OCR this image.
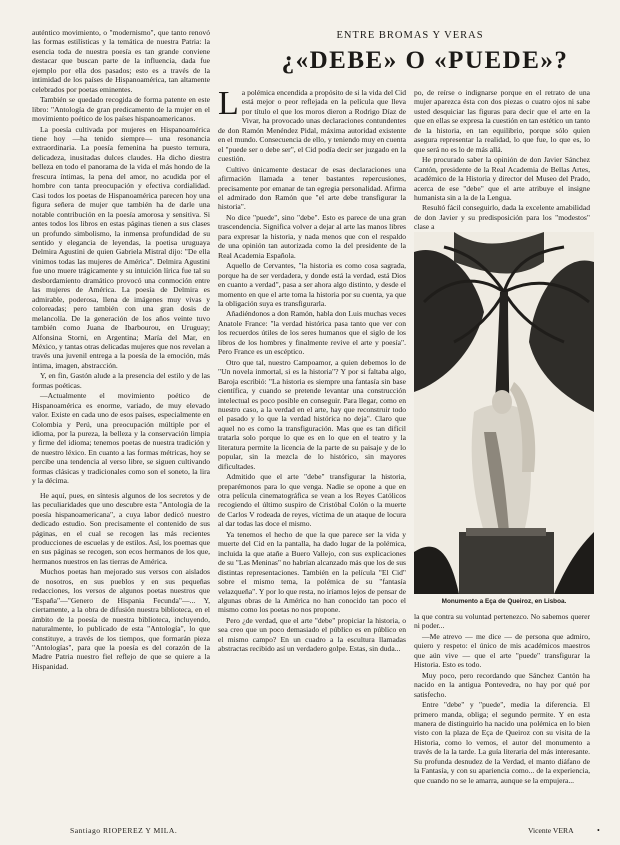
auténtico movimiento, o "modernismo", que tanto renovó las formas estilísticas y la temática de nuestra Patria: la esencia toda de nuestra poesía es tan grande conviene destacar que buscan parte de la influencia, dada fue ejemplo por ella dos pasados; esto es a través de la intimidad de los países de Hispanoamérica, tan altamente celebrados por poetas eminentes.

También se quedado recogida de forma patente en este libro: "Antología de gran predicamento de la mujer en el movimiento poético de los países hispanoamericanos.

La poesía cultivada por mujeres en Hispanoamérica tiene hoy —ha tenido siempre— una resonancia extraordinaria. La poesía femenina ha puesto ternura, delicadeza, inusitadas dulces claudes. Ha dicho diestra belleza en todo el panorama de la vida el más hondo de la frescura íntimas, la pena del amor, no acudida por el hombre con tanta preocupación y efectiva cordialidad. Casi todos los poetas de Hispanoamérica parecen hoy una figura señera de mujer que también ha de darle una notable contribución en la poesía amorosa y sensitiva. Si antes todos los libros en estas páginas tienen a sus clases un profundo simbolismo, la inmensa profundidad de su sentido y elegancia de leyendas, la poetisa uruguaya Delmira Agustini de quien Gabriela Mistral dijo: "De ella vinimos todas las mujeres de América". Delmira Agustini fue uno muere trágicamente y su intuición lírica fue tal su desbordamiento dramático provocó una conmoción entre las mujeres de América. La poesía de Delmira es admirable, poderosa, llena de imágenes muy vivas y coloreadas; pero también con una gran dosis de melancolía. De la generación de los años veinte tuvo también como Juana de Ibarbourou, en Uruguay; Alfonsina Storni, en Argentina; María del Mar, en México, y tantas otras delicadas mujeres que nos revelan a través una juvenil entrega a la poesía de la emoción, más íntima, imagen, abstracción.

Y, en fin, Gastón alude a la presencia del estilo y de las formas poéticas.

—Actualmente el movimiento poético de Hispanoamérica es enorme, variado, de muy elevado valor. Existe en cada uno de esos países, especialmente en Colombia y Perú, una preocupación múltiple por el idioma, por la pureza, la belleza y la conservación limpia y firme del idioma; tenemos poetas de nuestra tradición y de nuestro léxico. En cuanto a las formas métricas, hoy se percibe una tendencia al verso libre, se siguen cultivando formas clásicas y tradicionales como son el soneto, la lira y la décima.

He aquí, pues, en síntesis algunos de los secretos y de las peculiaridades que uno descubre esta "Antología de la poesía hispanoamericana", a cuya labor dedicó nuestro dedicado estudio. Son precisamente el contenido de sus páginas, en el cual se recogen las más recientes producciones de escuelas y de estilos. Así, los poemas que en sus páginas se recogen, son ecos hermanos de los que, hermanos nuestros en las tierras de América.

Muchos poetas han mejorado sus versos con aislados de nosotros, en sus pueblos y en sus pequeñas redacciones, los versos de algunos poetas nuestros que "España"—"Genero de Hispania Fecunda"—... Y, ciertamente, a la obra de difusión nuestra biblioteca, en el ámbito de la poesía de nuestra biblioteca, incluyendo, naturalmente, lo publicado de esta "Antología", lo que constituye, a través de los tiempos, que formarán pieza "Antologías", para que la poesía es del corazón de la Madre Patria nuestro fiel reflejo de que se quiere a la Hispanidad.

ENTRE BROMAS Y VERAS
¿«DEBE» O «PUEDE»?

La polémica encendida a propósito de si la vida del Cid está mejor o peor reflejada en la película que lleva por título el que los moros dieron a Rodrigo Díaz de Vivar, ha provocado unas declaraciones contundentes de don Ramón Menéndez Pidal, máxima autoridad existente en el mundo. Consecuencia de ello, y teniendo muy en cuenta el "puede ser o debe ser", el Cid podía decir ser juzgado en la cuestión.

Cultivo únicamente destacar de esas declaraciones una afirmación llamada a tener bastantes repercusiones, precisamente por emanar de tan egregia personalidad. Afirma el admirado don Ramón que "el arte debe transfigurar la historia".

No dice "puede", sino "debe". Esto es parece de una gran trascendencia. Significa volver a dejar al arte las manos libres para expresar la historia, y nada menos que con el respaldo de una opinión tan autorizada como la del presidente de la Real Academia Española.

Aquello de Cervantes, "la historia es como cosa sagrada, porque ha de ser verdadera, y donde está la verdad, está Dios en cuanto a verdad", pasa a ser ahora algo distinto, y desde el momento en que el arte toma la historia por su cuenta, ya que la obligación suya es transfigurarla.

Añadiéndonos a don Ramón, habla don Luis muchas veces Anatole France: "la verdad histórica pasa tanto que ver con los recuerdos útiles de los seres humanos que el siglo de los libros de los hombres y finalmente revive el arte y poesía". Pero France es un escéptico.

Otro que tal, nuestro Campoamor, a quien debemos lo de "Un novela inmortal, si es la historia"? Y por si faltaba algo, Baroja escribió: "La historia es siempre una fantasía sin base científica, y cuando se pretende levantar una construcción intelectual es poco posible en conseguir. Para llegar, como en nuestro caso, a la verdad en el arte, hay que reconstruir todo el pasado y lo que la verdad histórica no deja". Claro que aquel no es como la transfiguración. Mas que es tan difícil tratarla solo porque lo que es en lo que en el teatro y la literatura permite la licencia de la parte de su paisaje y de lo popular, sin la mezcla de lo histórico, sin mayores dificultades.

Admitido que el arte "debe" transfigurar la historia, preparémonos para lo que venga. Nadie se opone a que en otra película cinematográfica se vean a los Reyes Católicos recogiendo el último suspiro de Cristóbal Colón o la muerte de Carlos V rodeada de reyes, víctima de un ataque de locura al dar todas las doce el mismo.

Ya tenemos el hecho de que la que parece ser la vida y muerte del Cid en la pantalla, ha dado lugar de la polémica, incluida la que atañe a Buero Vallejo, con sus explicaciones de su "Las Meninas" no habrían alcanzado más que los de sus distintas representaciones. También en la película "El Cid" sobre el mismo tema, la polémica de su "fantasía velazqueña". Y por lo que resta, no iríamos lejos de pensar de algunas obras de la América no han conocido tan poco el mismo como los poetas no nos propone.

Pero ¿de verdad, que el arte "debe" propiciar la historia, o sea creo que un poco demasiado el público es en público en el mismo campo? En un cuadro a la escultura llamadas abstractas recibido así un verdadero golpe. Estas, sin duda...

po, de reírse o indignarse porque en el retrato de una mujer aparezca ésta con dos piezas o cuatro ojos ni sabe usted desquiciar las figuras para decir que el arte en la que en ellas se expresa la cuestión en tan estético un tanto de la historia, en tan equilibrio, porque sólo quien asegura representar la realidad, lo que fue, lo que es, lo que será no es lo de más allá.

He procurado saber la opinión de don Javier Sánchez Cantón, presidente de la Real Academia de Bellas Artes, académico de la Historia y director del Museo del Prado, acerca de ese "debe" que el arte atribuye el insigne humanista sin a la de la Lengua.

Resultó fácil conseguirlo, dada la excelente amabilidad de don Javier y su predisposición para los "modestos" clase a

Monumento a Eça de Queiroz, en Lisboa.

la que contra su voluntad pertenezco. No sabemos querer ni poder...

—Me atrevo — me dice — de persona que admiro, quiero y respeto: el único de mis académicos maestros que aún vive — que el arte "puede" transfigurar la Historia. Esto es todo.

Muy poco, pero recordando que Sánchez Cantón ha nacido en la antigua Pontevedra, no hay por qué por satisfecho.

Entre "debe" y "puede", media la diferencia. El primero manda, obliga; el segundo permite. Y en esta manera de distinguirlo ha nacido una polémica en lo bien visto con la plaza de Eça de Queiroz con su visita de la Historia, como lo vemos, el autor del monumento a través de la la tarde. La guía literaria del más interesante. Su profunda desnudez de la Verdad, el manto diáfano de la Fantasía, y con su apariencia como... de la experiencia, que cuando no se le amarra, aunque se la empujera...

Santiago RIOPEREZ Y MILA.	Vicente VERA	•
